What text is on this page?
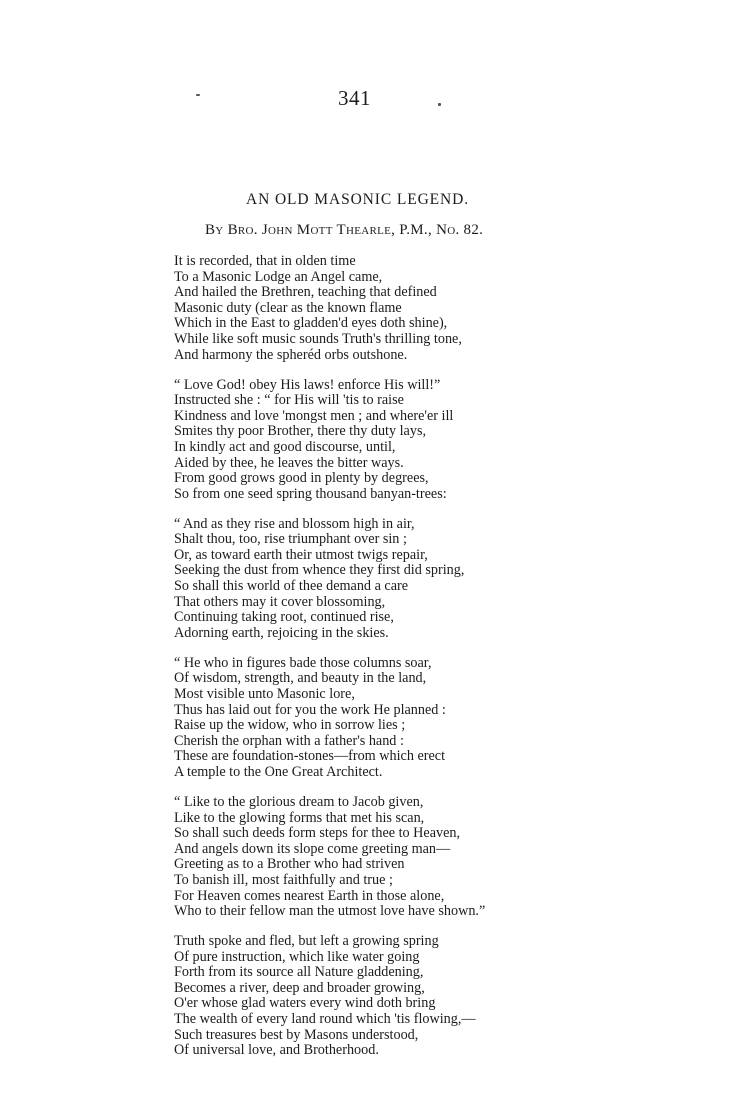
341
AN OLD MASONIC LEGEND.
By Bro. John Mott Thearle, P.M., No. 82.
It is recorded, that in olden time
To a Masonic Lodge an Angel came,
And hailed the Brethren, teaching that defined
Masonic duty (clear as the known flame
Which in the East to gladden'd eyes doth shine),
While like soft music sounds Truth's thrilling tone,
And harmony the spheréd orbs outshone.
“ Love God! obey His laws! enforce His will!”
Instructed she : “ for His will 'tis to raise
Kindness and love 'mongst men ; and where'er ill
Smites thy poor Brother, there thy duty lays,
In kindly act and good discourse, until,
Aided by thee, he leaves the bitter ways.
From good grows good in plenty by degrees,
So from one seed spring thousand banyan-trees:
“ And as they rise and blossom high in air,
Shalt thou, too, rise triumphant over sin ;
Or, as toward earth their utmost twigs repair,
Seeking the dust from whence they first did spring,
So shall this world of thee demand a care
That others may it cover blossoming,
Continuing taking root, continued rise,
Adorning earth, rejoicing in the skies.
“ He who in figures bade those columns soar,
Of wisdom, strength, and beauty in the land,
Most visible unto Masonic lore,
Thus has laid out for you the work He planned :
Raise up the widow, who in sorrow lies ;
Cherish the orphan with a father's hand :
These are foundation-stones—from which erect
A temple to the One Great Architect.
“ Like to the glorious dream to Jacob given,
Like to the glowing forms that met his scan,
So shall such deeds form steps for thee to Heaven,
And angels down its slope come greeting man—
Greeting as to a Brother who had striven
To banish ill, most faithfully and true ;
For Heaven comes nearest Earth in those alone,
Who to their fellow man the utmost love have shown.”
Truth spoke and fled, but left a growing spring
Of pure instruction, which like water going
Forth from its source all Nature gladdening,
Becomes a river, deep and broader growing,
O'er whose glad waters every wind doth bring
The wealth of every land round which 'tis flowing,—
Such treasures best by Masons understood,
Of universal love, and Brotherhood.
